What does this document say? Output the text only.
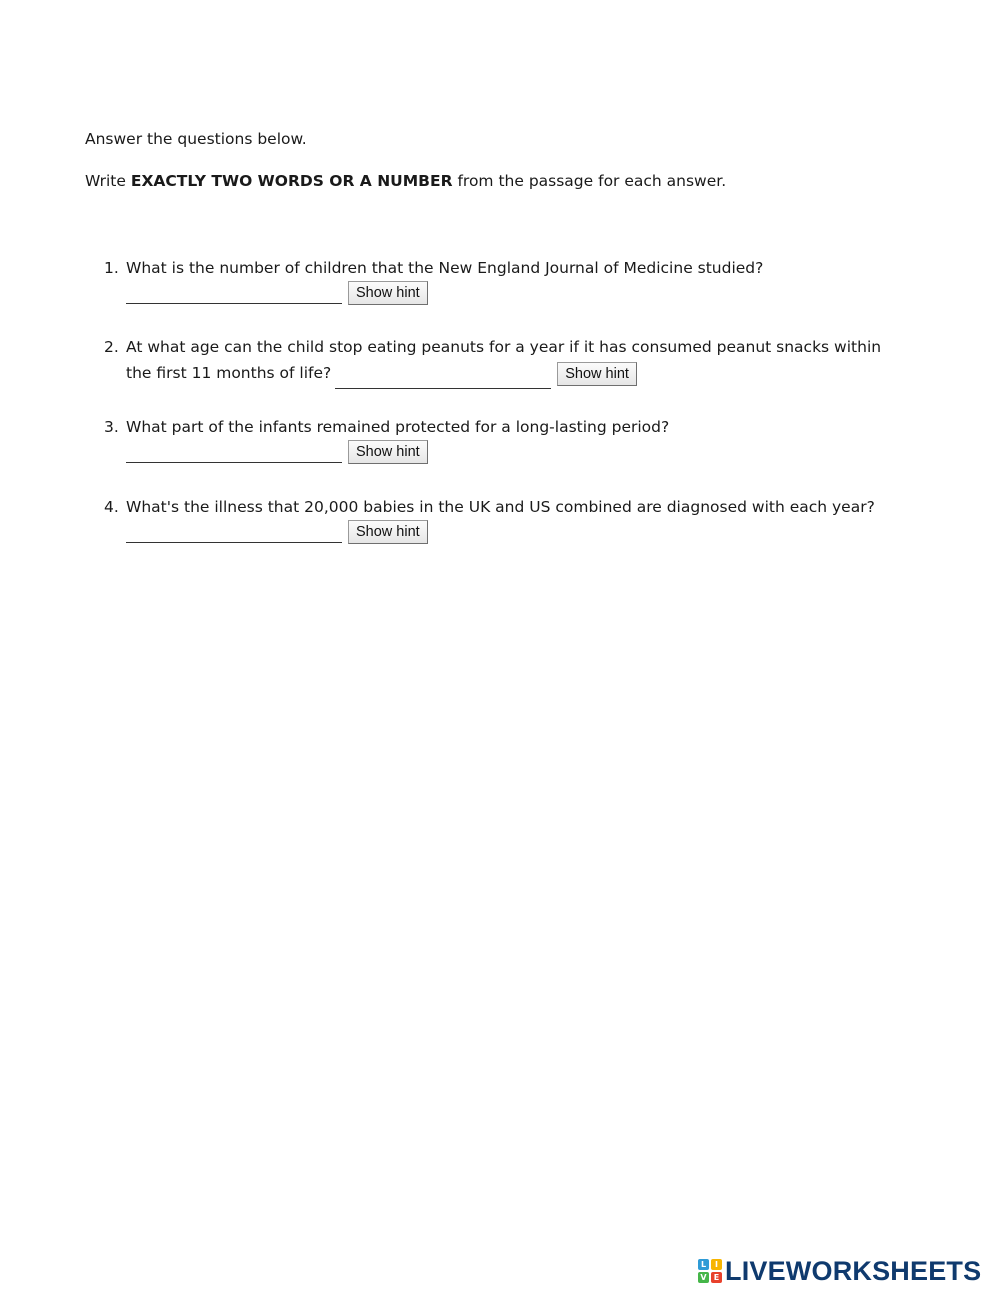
Answer the questions below.
Write EXACTLY TWO WORDS OR A NUMBER from the passage for each answer.
1. What is the number of children that the New England Journal of Medicine studied?
Show hint
2. At what age can the child stop eating peanuts for a year if it has consumed peanut snacks within
the first 11 months of life?	Show hint
3. What part of the infants remained protected for a long-lasting period?
Show hint
4. What's the illness that 20,000 babies in the UK and US combined are diagnosed with each year?
Show hint
L	I
V E LIVEWORKSHEETS
